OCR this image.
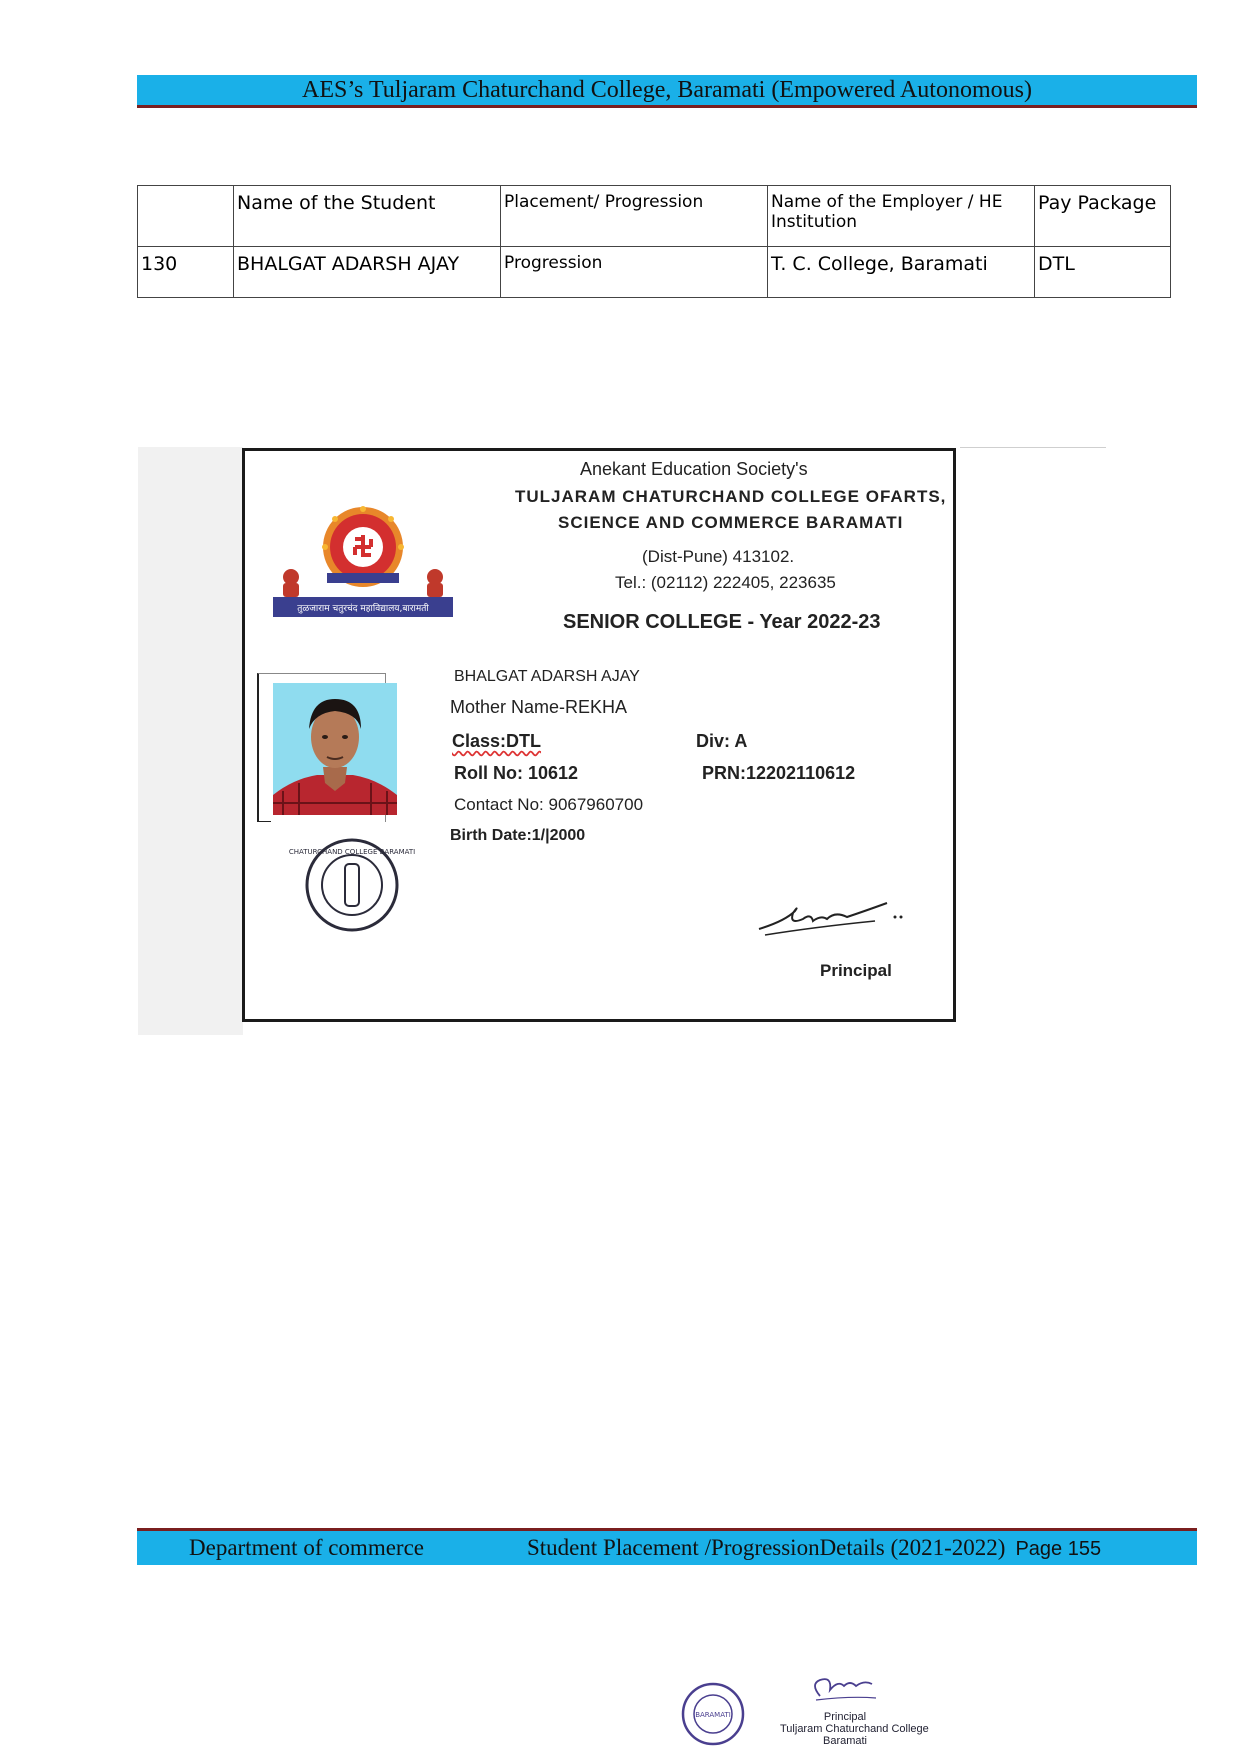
AES’s Tuljaram Chaturchand College, Baramati (Empowered Autonomous)
	Name of the Student	Placement/ Progression	Name of the Employer / HE Institution	Pay Package
130	BHALGAT ADARSH AJAY	Progression	T. C. College, Baramati	DTL
Anekant Education Society's
TULJARAM CHATURCHAND COLLEGE OFARTS,
SCIENCE AND COMMERCE BARAMATI
(Dist-Pune) 413102.
Tel.: (02112) 222405, 223635
SENIOR COLLEGE - Year 2022-23
तुळजाराम चतुरचंद महाविद्यालय,बारामती
BHALGAT ADARSH AJAY
Mother Name-REKHA
Class:DTL	Div: A
Roll No: 10612	PRN:12202110612
Contact No: 9067960700
Birth Date:1/|2000
CHATURCHAND COLLEGE BARAMATI
Principal
Department of commerce	Student Placement /ProgressionDetails (2021-2022) Page 155
BARAMATI	Principal
Tuljaram Chaturchand College
Baramati
